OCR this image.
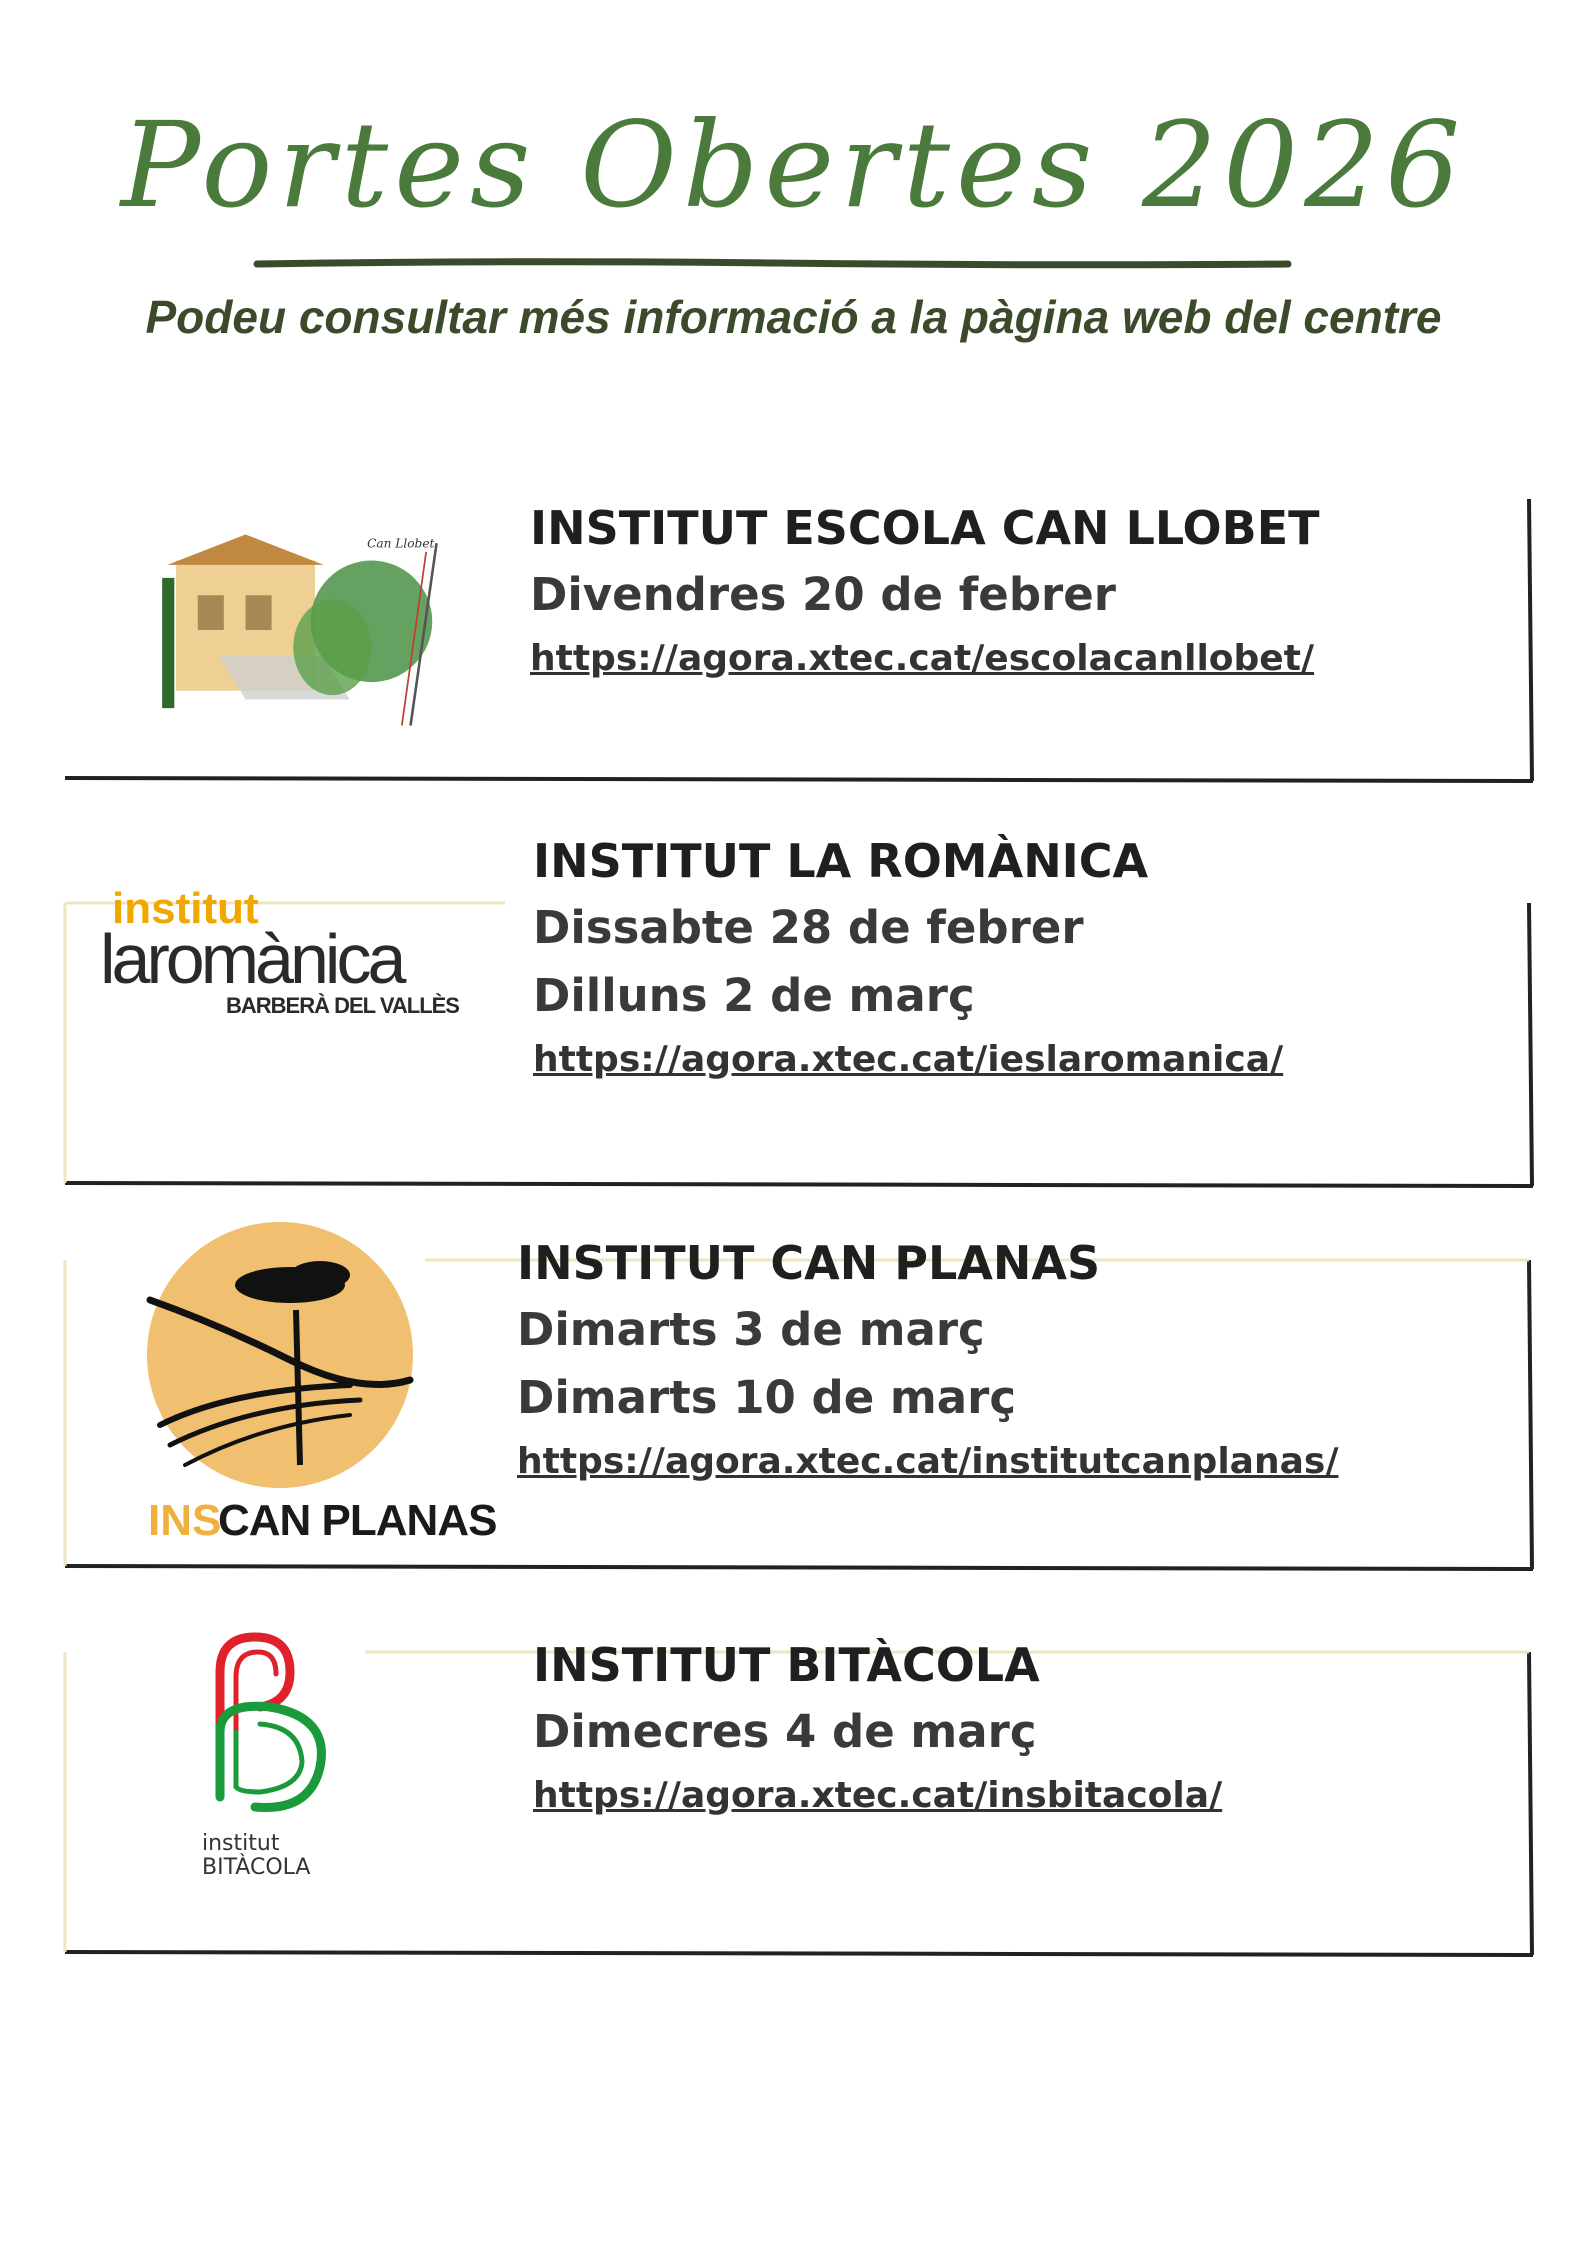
Portes Obertes 2026
Podeu consultar més informació a la pàgina web del centre
Can Llobet INSTITUT ESCOLA CAN LLOBET
Divendres 20 de febrer
https://agora.xtec.cat/escolacanllobet/
institut
laromànica
BARBERÀ DEL VALLÈS
INSTITUT LA ROMÀNICA
Dissabte 28 de febrer
Dilluns 2 de març
https://agora.xtec.cat/ieslaromanica/
INS
CAN PLANAS
INSTITUT CAN PLANAS
Dimarts 3 de març
Dimarts 10 de març
https://agora.xtec.cat/institutcanplanas/
institut
BITÀCOLA
INSTITUT BITÀCOLA
Dimecres 4 de març
https://agora.xtec.cat/insbitacola/
